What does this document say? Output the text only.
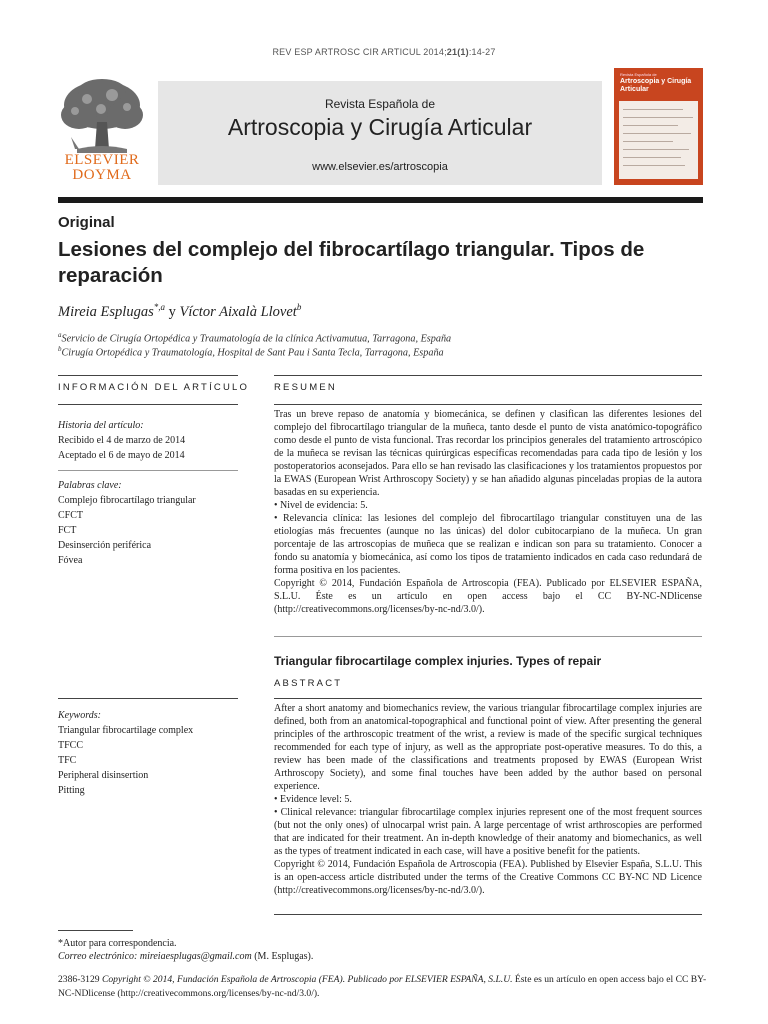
REV ESP ARTROSC CIR ARTICUL 2014;21(1):14-27
ELSEVIER
DOYMA
Revista Española de
Artroscopia y Cirugía Articular
www.elsevier.es/artroscopia
Revista Española de
Artroscopia y Cirugía Articular
Original
Lesiones del complejo del fibrocartílago triangular. Tipos de reparación
Mireia Esplugas$^{*,a}$ y Víctor Aixalà Llovet$^b$
$^a$Servicio de Cirugía Ortopédica y Traumatología de la clínica Activamutua, Tarragona, España
$^b$Cirugía Ortopédica y Traumatología, Hospital de Sant Pau i Santa Tecla, Tarragona, España
INFORMACIÓN DEL ARTÍCULO
Historia del artículo:
Recibido el 4 de marzo de 2014
Aceptado el 6 de mayo de 2014
Palabras clave:
Complejo fibrocartílago triangular
CFCT
FCT
Desinserción periférica
Fóvea
Keywords:
Triangular fibrocartilage complex
TFCC
TFC
Peripheral disinsertion
Pitting
RESUMEN

Tras un breve repaso de anatomía y biomecánica, se definen y clasifican las diferentes lesiones del complejo del fibrocartílago triangular de la muñeca, tanto desde el punto de vista anatómico-topográfico como desde el punto de vista funcional. Tras recordar los principios generales del tratamiento artroscópico de la muñeca se revisan las técnicas quirúrgicas específicas recomendadas para cada tipo de lesión y los postoperatorios aconsejados. Para ello se han revisado las clasificaciones y los tratamientos propuestos por la EWAS (European Wrist Arthroscopy Society) y se han añadido algunas pinceladas propias de la autora basadas en su experiencia.

• Nivel de evidencia: 5.

• Relevancia clínica: las lesiones del complejo del fibrocartílago triangular constituyen una de las etiologías más frecuentes (aunque no las únicas) del dolor cubitocarpiano de la muñeca. Un gran porcentaje de las artroscopias de muñeca que se realizan e indican son para su tratamiento. Conocer a fondo su anatomía y biomecánica, así como los tipos de tratamiento indicados en cada caso redundará de forma positiva en los pacientes.

Copyright © 2014, Fundación Española de Artroscopia (FEA). Publicado por ELSEVIER ESPAÑA, S.L.U. Éste es un artículo en open access bajo el CC BY-NC-NDlicense (http://creativecommons.org/licenses/by-nc-nd/3.0/).

Triangular fibrocartilage complex injuries. Types of repair
ABSTRACT

After a short anatomy and biomechanics review, the various triangular fibrocartilage complex injuries are defined, both from an anatomical-topographical and functional point of view. After presenting the general principles of the arthroscopic treatment of the wrist, a review is made of the specific surgical techniques recommended for each type of injury, as well as the appropriate post-operative measures. To do this, a review has been made of the classifications and treatments proposed by EWAS (European Wrist Arthroscopy Society), and some final touches have been added by the author based on personal experience.

• Evidence level: 5.

• Clinical relevance: triangular fibrocartilage complex injuries represent one of the most frequent sources (but not the only ones) of ulnocarpal wrist pain. A large percentage of wrist arthroscopies are performed that are indicated for their treatment. An in-depth knowledge of their anatomy and biomechanics, as well as the types of treatment indicated in each case, will have a positive benefit for the patients.

Copyright © 2014, Fundación Española de Artroscopia (FEA). Published by Elsevier España, S.L.U. This is an open-access article distributed under the terms of the Creative Commons CC BY-NC ND Licence (http://creativecommons.org/licenses/by-nc-nd/3.0/).

*Autor para correspondencia.
Correo electrónico: mireiaesplugas@gmail.com (M. Esplugas).
2386-3129 Copyright © 2014, Fundación Española de Artroscopia (FEA). Publicado por ELSEVIER ESPAÑA, S.L.U. Éste es un artículo en open access bajo el CC BY-NC-NDlicense (http://creativecommons.org/licenses/by-nc-nd/3.0/).
